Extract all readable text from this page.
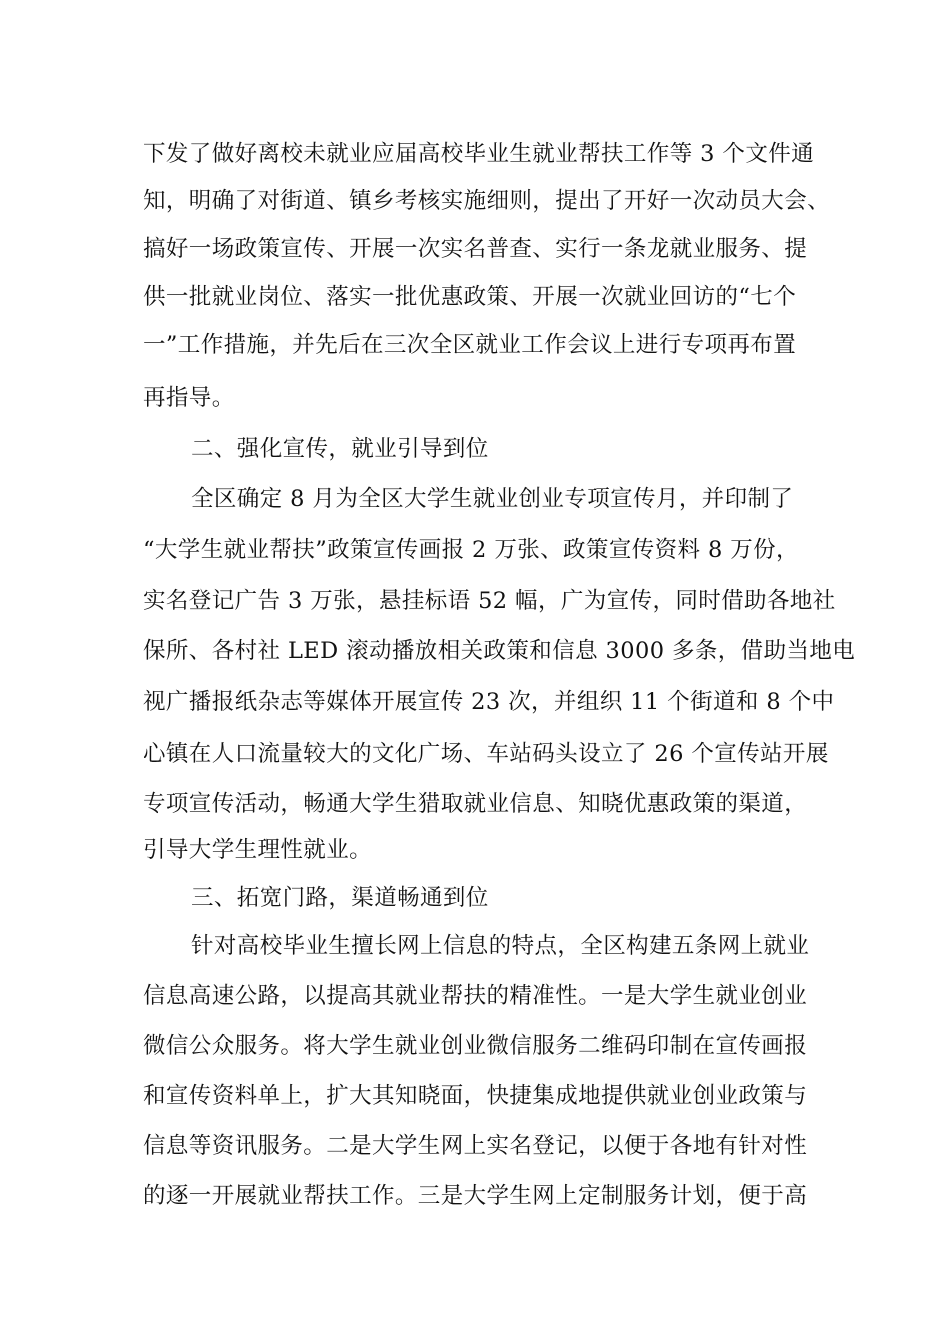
下发了做好离校未就业应届高校毕业生就业帮扶工作等 3 个文件通
知，明确了对街道、镇乡考核实施细则，提出了开好一次动员大会、
搞好一场政策宣传、开展一次实名普查、实行一条龙就业服务、提
供一批就业岗位、落实一批优惠政策、开展一次就业回访的“七个
一”工作措施，并先后在三次全区就业工作会议上进行专项再布置
再指导。
二、强化宣传，就业引导到位
全区确定 8 月为全区大学生就业创业专项宣传月，并印制了
“大学生就业帮扶”政策宣传画报 2 万张、政策宣传资料 8 万份，
实名登记广告 3 万张，悬挂标语 52 幅，广为宣传，同时借助各地社
保所、各村社 LED 滚动播放相关政策和信息 3000 多条，借助当地电
视广播报纸杂志等媒体开展宣传 23 次，并组织 11 个街道和 8 个中
心镇在人口流量较大的文化广场、车站码头设立了 26 个宣传站开展
专项宣传活动，畅通大学生猎取就业信息、知晓优惠政策的渠道，
引导大学生理性就业。
三、拓宽门路，渠道畅通到位
针对高校毕业生擅长网上信息的特点，全区构建五条网上就业
信息高速公路，以提高其就业帮扶的精准性。一是大学生就业创业
微信公众服务。将大学生就业创业微信服务二维码印制在宣传画报
和宣传资料单上，扩大其知晓面，快捷集成地提供就业创业政策与
信息等资讯服务。二是大学生网上实名登记，以便于各地有针对性
的逐一开展就业帮扶工作。三是大学生网上定制服务计划，便于高
